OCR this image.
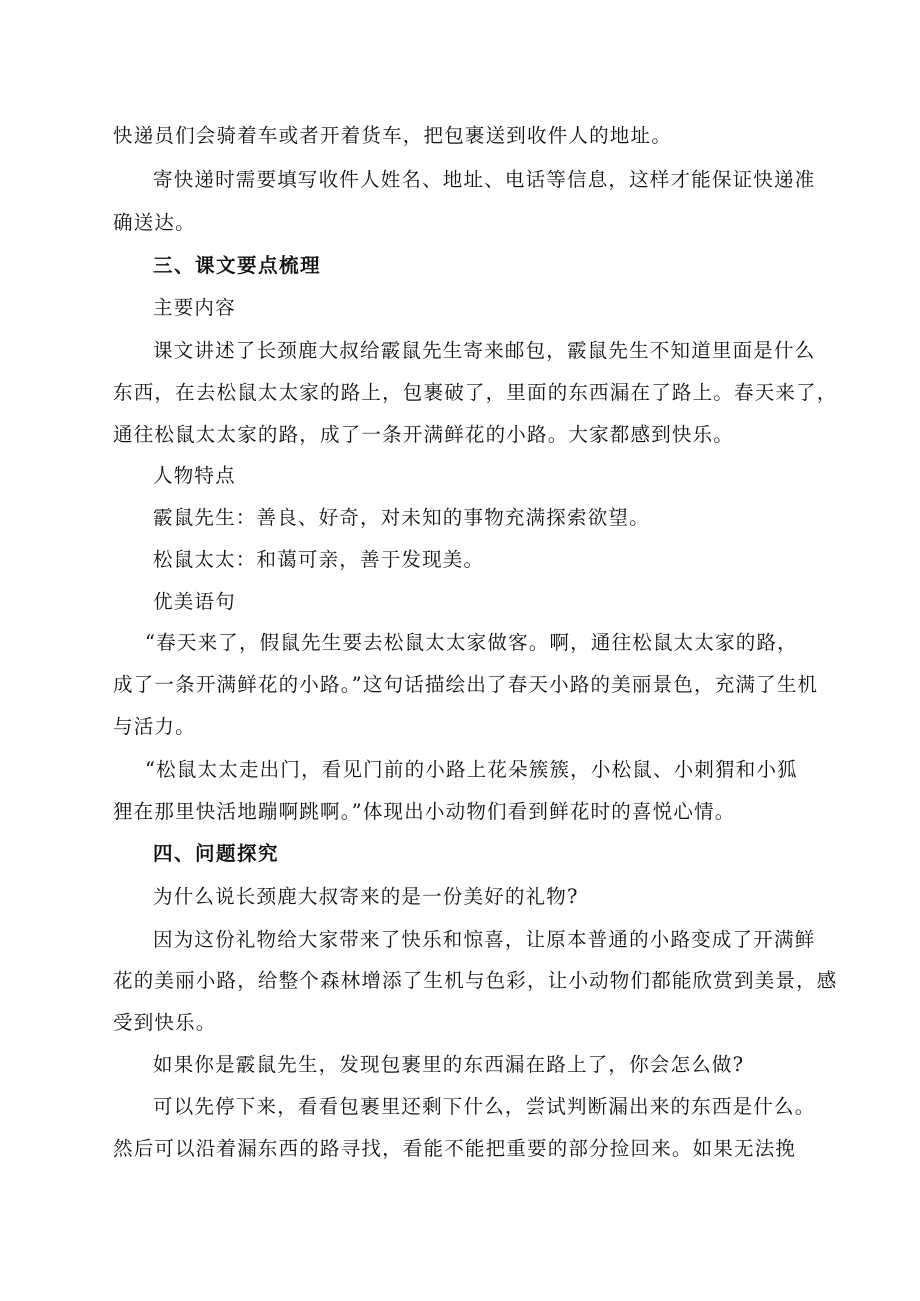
快递员们会骑着车或者开着货车，把包裹送到收件人的地址。
寄快递时需要填写收件人姓名、地址、电话等信息，这样才能保证快递准
确送达。
三、课文要点梳理
主要内容
课文讲述了长颈鹿大叔给霰鼠先生寄来邮包，霰鼠先生不知道里面是什么
东西，在去松鼠太太家的路上，包裹破了，里面的东西漏在了路上。春天来了，
通往松鼠太太家的路，成了一条开满鲜花的小路。大家都感到快乐。
人物特点
霰鼠先生：善良、好奇，对未知的事物充满探索欲望。
松鼠太太：和蔼可亲，善于发现美。
优美语句
“春天来了，假鼠先生要去松鼠太太家做客。啊，通往松鼠太太家的路，
成了一条开满鲜花的小路。”这句话描绘出了春天小路的美丽景色，充满了生机
与活力。
“松鼠太太走出门，看见门前的小路上花朵簇簇，小松鼠、小刺猬和小狐
狸在那里快活地蹦啊跳啊。”体现出小动物们看到鲜花时的喜悦心情。
四、问题探究
为什么说长颈鹿大叔寄来的是一份美好的礼物?
因为这份礼物给大家带来了快乐和惊喜，让原本普通的小路变成了开满鲜
花的美丽小路，给整个森林增添了生机与色彩，让小动物们都能欣赏到美景，感
受到快乐。
如果你是霰鼠先生，发现包裹里的东西漏在路上了，你会怎么做?
可以先停下来，看看包裹里还剩下什么，尝试判断漏出来的东西是什么。
然后可以沿着漏东西的路寻找，看能不能把重要的部分捡回来。如果无法挽
